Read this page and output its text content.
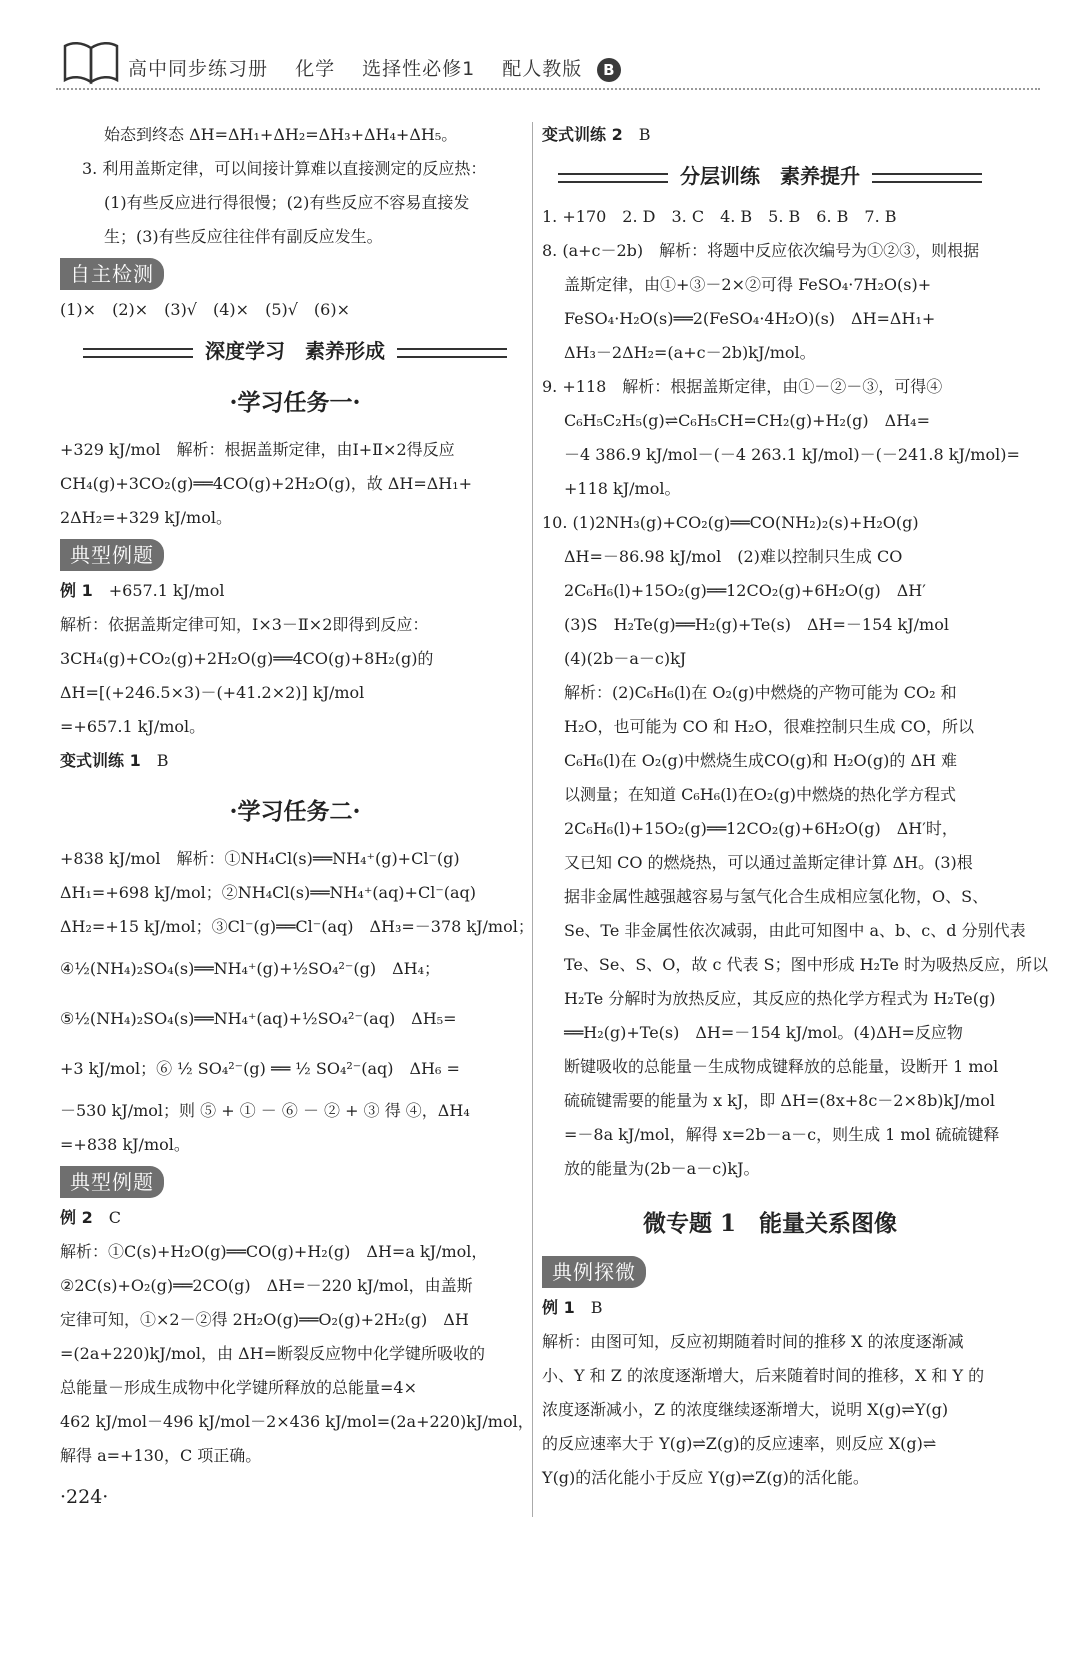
高中同步练习册 化学 选择性必修1 配人教版 B

始态到终态 ΔH=ΔH₁+ΔH₂=ΔH₃+ΔH₄+ΔH₅。

3. 利用盖斯定律，可以间接计算难以直接测定的反应热：

(1)有些反应进行得很慢；(2)有些反应不容易直接发

生；(3)有些反应往往伴有副反应发生。

自主检测

(1)×　(2)×　(3)√　(4)×　(5)√　(6)×

深度学习　素养形成
·学习任务一·

+329 kJ/mol　解析：根据盖斯定律，由Ⅰ+Ⅱ×2得反应

CH₄(g)+3CO₂(g)══4CO(g)+2H₂O(g)，故 ΔH=ΔH₁+

2ΔH₂=+329 kJ/mol。

典型例题

例 1　 +657.1 kJ/mol

解析：依据盖斯定律可知，Ⅰ×3－Ⅱ×2即得到反应：

3CH₄(g)+CO₂(g)+2H₂O(g)══4CO(g)+8H₂(g)的

ΔH=[(+246.5×3)－(+41.2×2)] kJ/mol

=+657.1 kJ/mol。

变式训练 1　 B

·学习任务二·

+838 kJ/mol　解析：①NH₄Cl(s)══NH₄⁺(g)+Cl⁻(g)

ΔH₁=+698 kJ/mol；②NH₄Cl(s)══NH₄⁺(aq)+Cl⁻(aq)

ΔH₂=+15 kJ/mol；③Cl⁻(g)══Cl⁻(aq)　ΔH₃=－378 kJ/mol；

④½(NH₄)₂SO₄(s)══NH₄⁺(g)+½SO₄²⁻(g)　ΔH₄；

⑤½(NH₄)₂SO₄(s)══NH₄⁺(aq)+½SO₄²⁻(aq)　ΔH₅=

+3 kJ/mol；⑥ ½ SO₄²⁻(g) ══ ½ SO₄²⁻(aq)　ΔH₆ =

－530 kJ/mol；则 ⑤ + ① － ⑥ － ② + ③ 得 ④，ΔH₄

=+838 kJ/mol。

典型例题

例 2　 C

解析：①C(s)+H₂O(g)══CO(g)+H₂(g)　ΔH=a kJ/mol，

②2C(s)+O₂(g)══2CO(g)　ΔH=－220 kJ/mol，由盖斯

定律可知，①×2－②得 2H₂O(g)══O₂(g)+2H₂(g)　ΔH

=(2a+220)kJ/mol，由 ΔH=断裂反应物中化学键所吸收的

总能量－形成生成物中化学键所释放的总能量=4×

462 kJ/mol－496 kJ/mol－2×436 kJ/mol=(2a+220)kJ/mol，

解得 a=+130，C 项正确。

变式训练 2　 B

分层训练　素养提升

1. +170　2. D　3. C　4. B　5. B　6. B　7. B

8. (a+c－2b)　解析：将题中反应依次编号为①②③，则根据

盖斯定律，由①+③－2×②可得 FeSO₄·7H₂O(s)+

FeSO₄·H₂O(s)══2(FeSO₄·4H₂O)(s)　ΔH=ΔH₁+

ΔH₃－2ΔH₂=(a+c－2b)kJ/mol。

9. +118　解析：根据盖斯定律，由①－②－③，可得④

C₆H₅C₂H₅(g)⇌C₆H₅CH=CH₂(g)+H₂(g)　ΔH₄=

－4 386.9 kJ/mol－(－4 263.1 kJ/mol)－(－241.8 kJ/mol)=

+118 kJ/mol。

10. (1)2NH₃(g)+CO₂(g)══CO(NH₂)₂(s)+H₂O(g)

ΔH=－86.98 kJ/mol　(2)难以控制只生成 CO

2C₆H₆(l)+15O₂(g)══12CO₂(g)+6H₂O(g)　ΔH′

(3)S　H₂Te(g)══H₂(g)+Te(s)　ΔH=－154 kJ/mol

(4)(2b－a－c)kJ

解析：(2)C₆H₆(l)在 O₂(g)中燃烧的产物可能为 CO₂ 和

H₂O，也可能为 CO 和 H₂O，很难控制只生成 CO，所以

C₆H₆(l)在 O₂(g)中燃烧生成CO(g)和 H₂O(g)的 ΔH 难

以测量；在知道 C₆H₆(l)在O₂(g)中燃烧的热化学方程式

2C₆H₆(l)+15O₂(g)══12CO₂(g)+6H₂O(g)　ΔH′时，

又已知 CO 的燃烧热，可以通过盖斯定律计算 ΔH。(3)根

据非金属性越强越容易与氢气化合生成相应氢化物，O、S、

Se、Te 非金属性依次减弱，由此可知图中 a、b、c、d 分别代表

Te、Se、S、O，故 c 代表 S；图中形成 H₂Te 时为吸热反应，所以

H₂Te 分解时为放热反应，其反应的热化学方程式为 H₂Te(g)

══H₂(g)+Te(s)　ΔH=－154 kJ/mol。(4)ΔH=反应物

断键吸收的总能量－生成物成键释放的总能量，设断开 1 mol

硫硫键需要的能量为 x kJ，即 ΔH=(8x+8c－2×8b)kJ/mol

=－8a kJ/mol，解得 x=2b－a－c，则生成 1 mol 硫硫键释

放的能量为(2b－a－c)kJ。

微专题 1　能量关系图像
典例探微

例 1　 B

解析：由图可知，反应初期随着时间的推移 X 的浓度逐渐减

小、Y 和 Z 的浓度逐渐增大，后来随着时间的推移，X 和 Y 的

浓度逐渐减小，Z 的浓度继续逐渐增大，说明 X(g)⇌Y(g)

的反应速率大于 Y(g)⇌Z(g)的反应速率，则反应 X(g)⇌

Y(g)的活化能小于反应 Y(g)⇌Z(g)的活化能。

·224·
